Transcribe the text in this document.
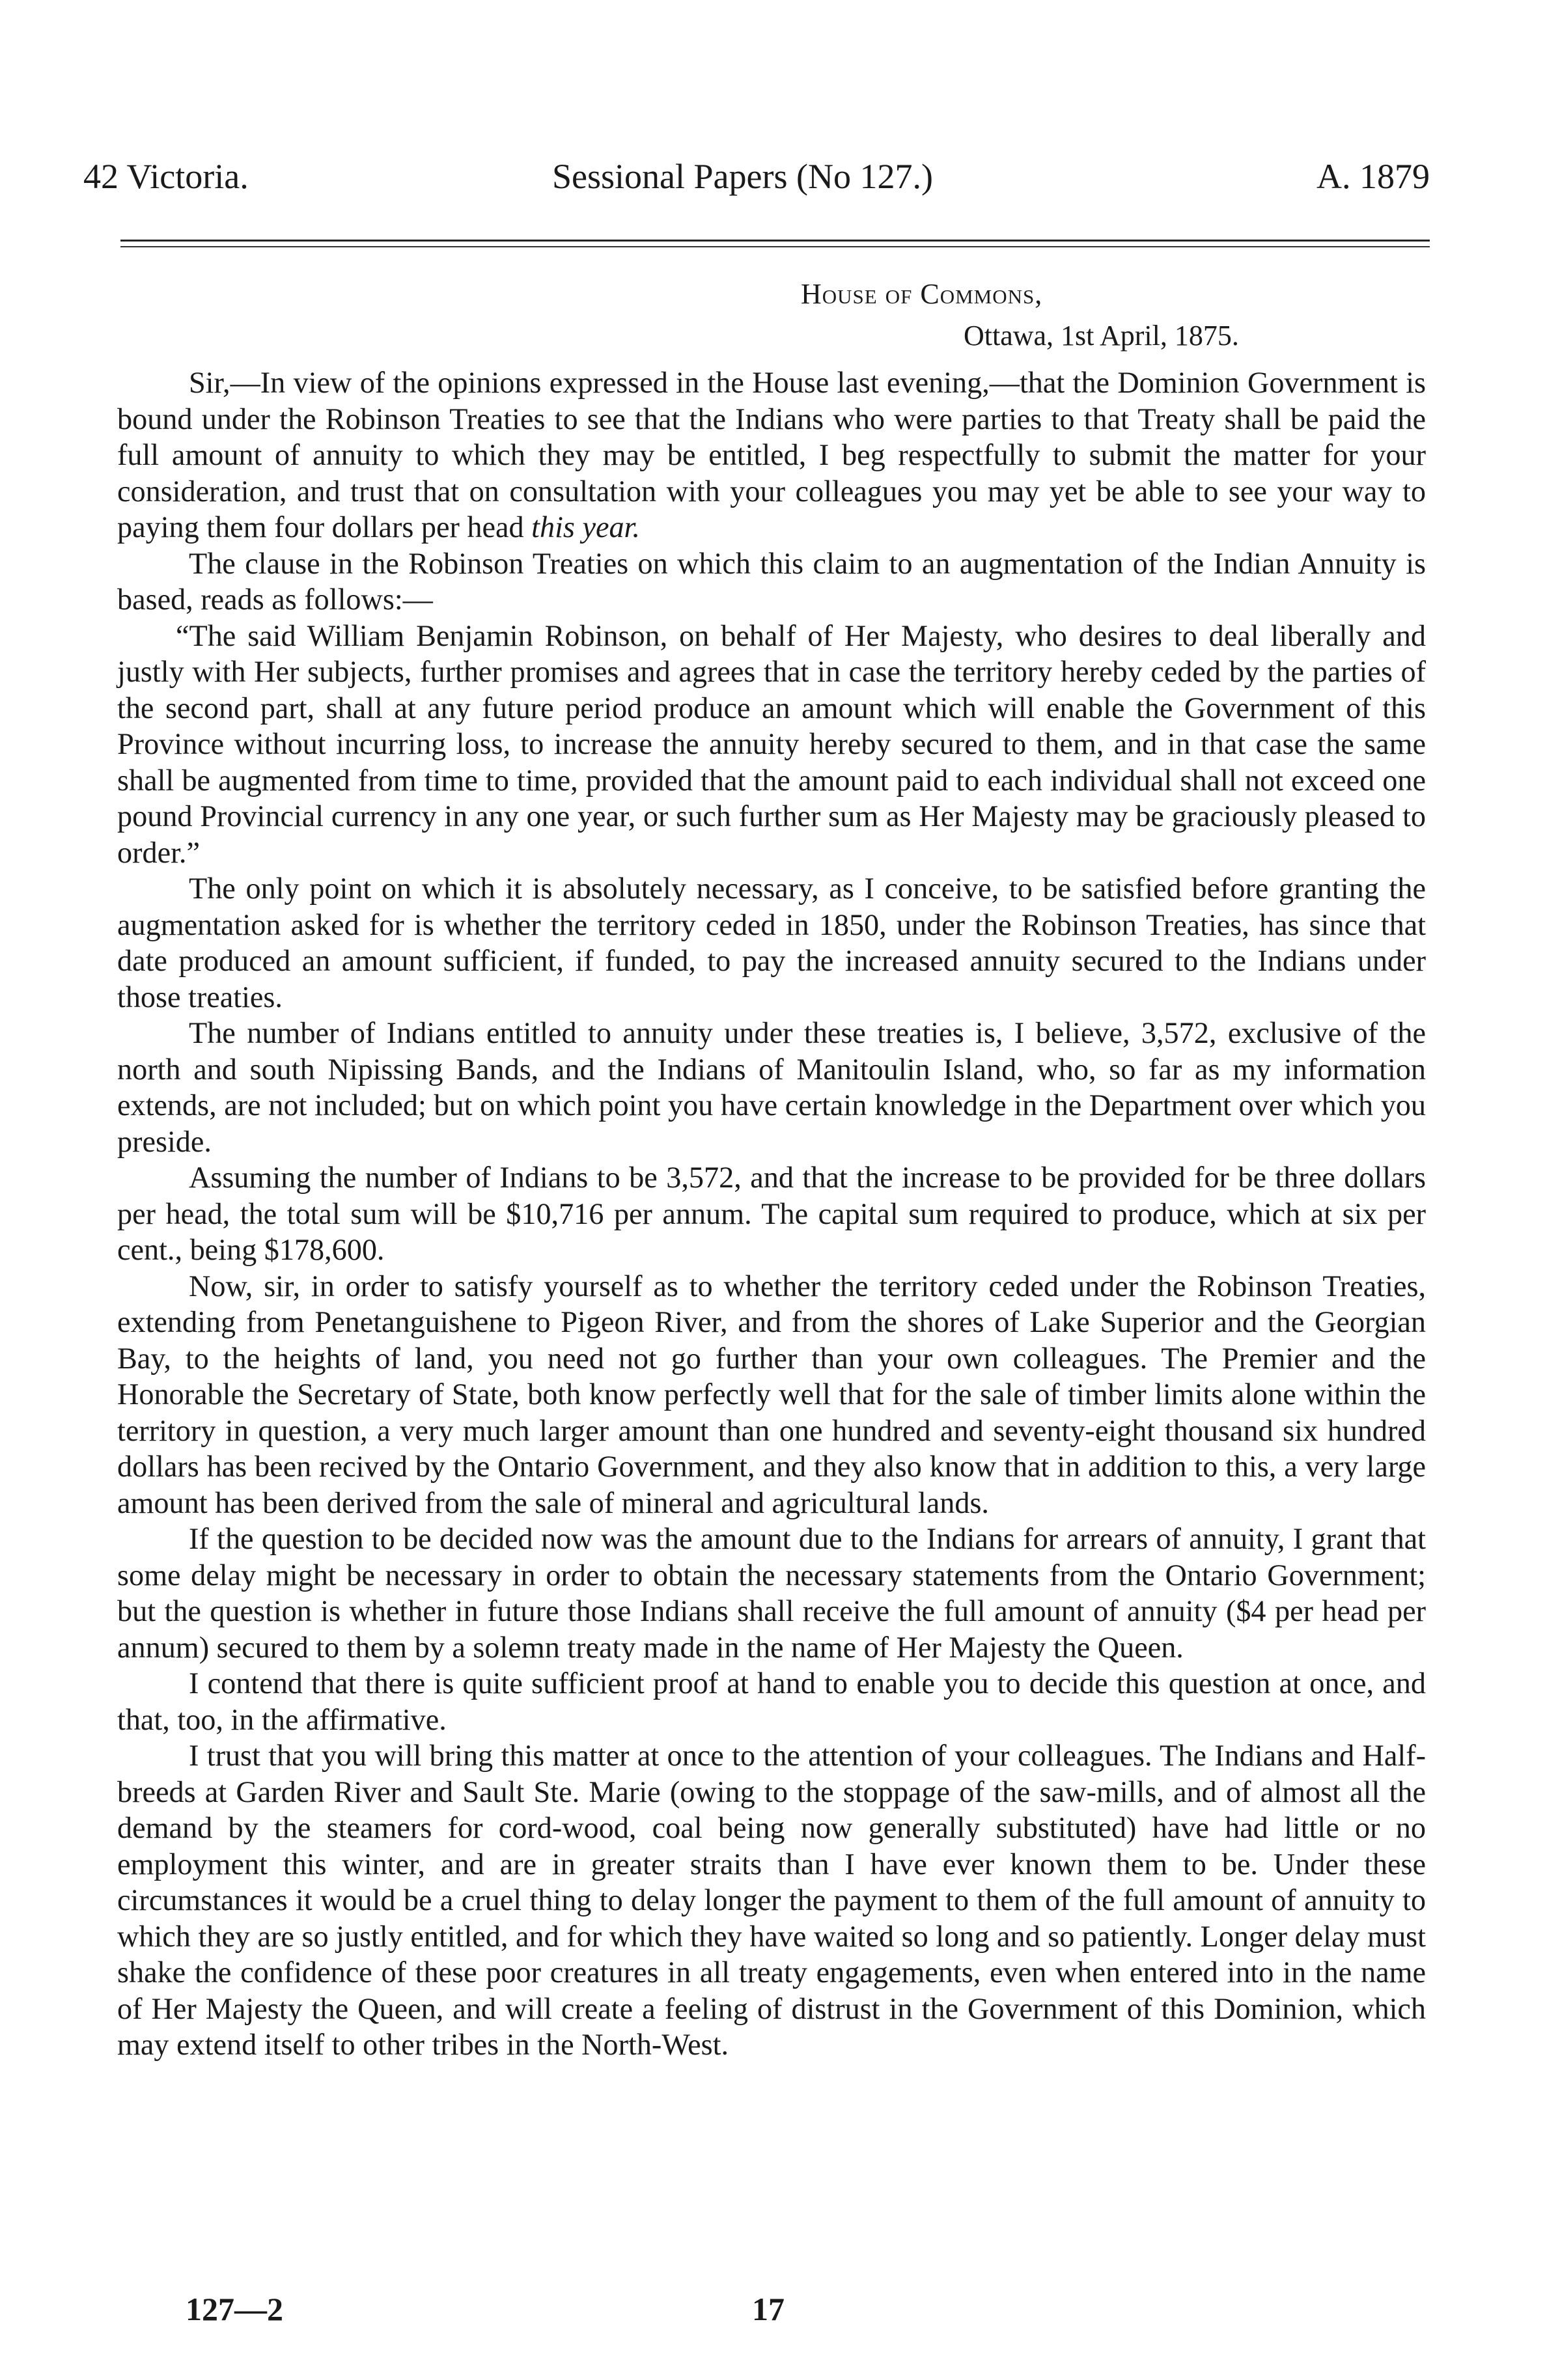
42 Victoria.	Sessional Papers (No 127.)	A. 1879
House of Commons,
Ottawa, 1st April, 1875.

Sir,—In view of the opinions expressed in the House last evening,—that the Dominion Government is bound under the Robinson Treaties to see that the Indians who were parties to that Treaty shall be paid the full amount of annuity to which they may be entitled, I beg respectfully to submit the matter for your consideration, and trust that on consultation with your colleagues you may yet be able to see your way to paying them four dollars per head this year.

The clause in the Robinson Treaties on which this claim to an augmentation of the Indian Annuity is based, reads as follows:—

“The said William Benjamin Robinson, on behalf of Her Majesty, who desires to deal liberally and justly with Her subjects, further promises and agrees that in case the territory hereby ceded by the parties of the second part, shall at any future period produce an amount which will enable the Government of this Province without incurring loss, to increase the annuity hereby secured to them, and in that case the same shall be augmented from time to time, provided that the amount paid to each individual shall not exceed one pound Provincial currency in any one year, or such further sum as Her Majesty may be graciously pleased to order.”

The only point on which it is absolutely necessary, as I conceive, to be satisfied before granting the augmentation asked for is whether the territory ceded in 1850, under the Robinson Treaties, has since that date produced an amount sufficient, if funded, to pay the increased annuity secured to the Indians under those treaties.

The number of Indians entitled to annuity under these treaties is, I believe, 3,572, exclusive of the north and south Nipissing Bands, and the Indians of Manitoulin Island, who, so far as my information extends, are not included; but on which point you have certain knowledge in the Department over which you preside.

Assuming the number of Indians to be 3,572, and that the increase to be provided for be three dollars per head, the total sum will be $10,716 per annum. The capital sum required to produce, which at six per cent., being $178,600.

Now, sir, in order to satisfy yourself as to whether the territory ceded under the Robinson Treaties, extending from Penetanguishene to Pigeon River, and from the shores of Lake Superior and the Georgian Bay, to the heights of land, you need not go further than your own colleagues. The Premier and the Honorable the Secretary of State, both know perfectly well that for the sale of timber limits alone within the territory in question, a very much larger amount than one hundred and seventy-eight thousand six hundred dollars has been recived by the Ontario Government, and they also know that in addition to this, a very large amount has been derived from the sale of mineral and agricultural lands.

If the question to be decided now was the amount due to the Indians for arrears of annuity, I grant that some delay might be necessary in order to obtain the necessary statements from the Ontario Government; but the question is whether in future those Indians shall receive the full amount of annuity ($4 per head per annum) secured to them by a solemn treaty made in the name of Her Majesty the Queen.

I contend that there is quite sufficient proof at hand to enable you to decide this question at once, and that, too, in the affirmative.

I trust that you will bring this matter at once to the attention of your colleagues. The Indians and Half-breeds at Garden River and Sault Ste. Marie (owing to the stoppage of the saw-mills, and of almost all the demand by the steamers for cord-wood, coal being now generally substituted) have had little or no employment this winter, and are in greater straits than I have ever known them to be. Under these circumstances it would be a cruel thing to delay longer the payment to them of the full amount of annuity to which they are so justly entitled, and for which they have waited so long and so patiently. Longer delay must shake the confidence of these poor creatures in all treaty engagements, even when entered into in the name of Her Majesty the Queen, and will create a feeling of distrust in the Government of this Dominion, which may extend itself to other tribes in the North-West.

127—2	17
